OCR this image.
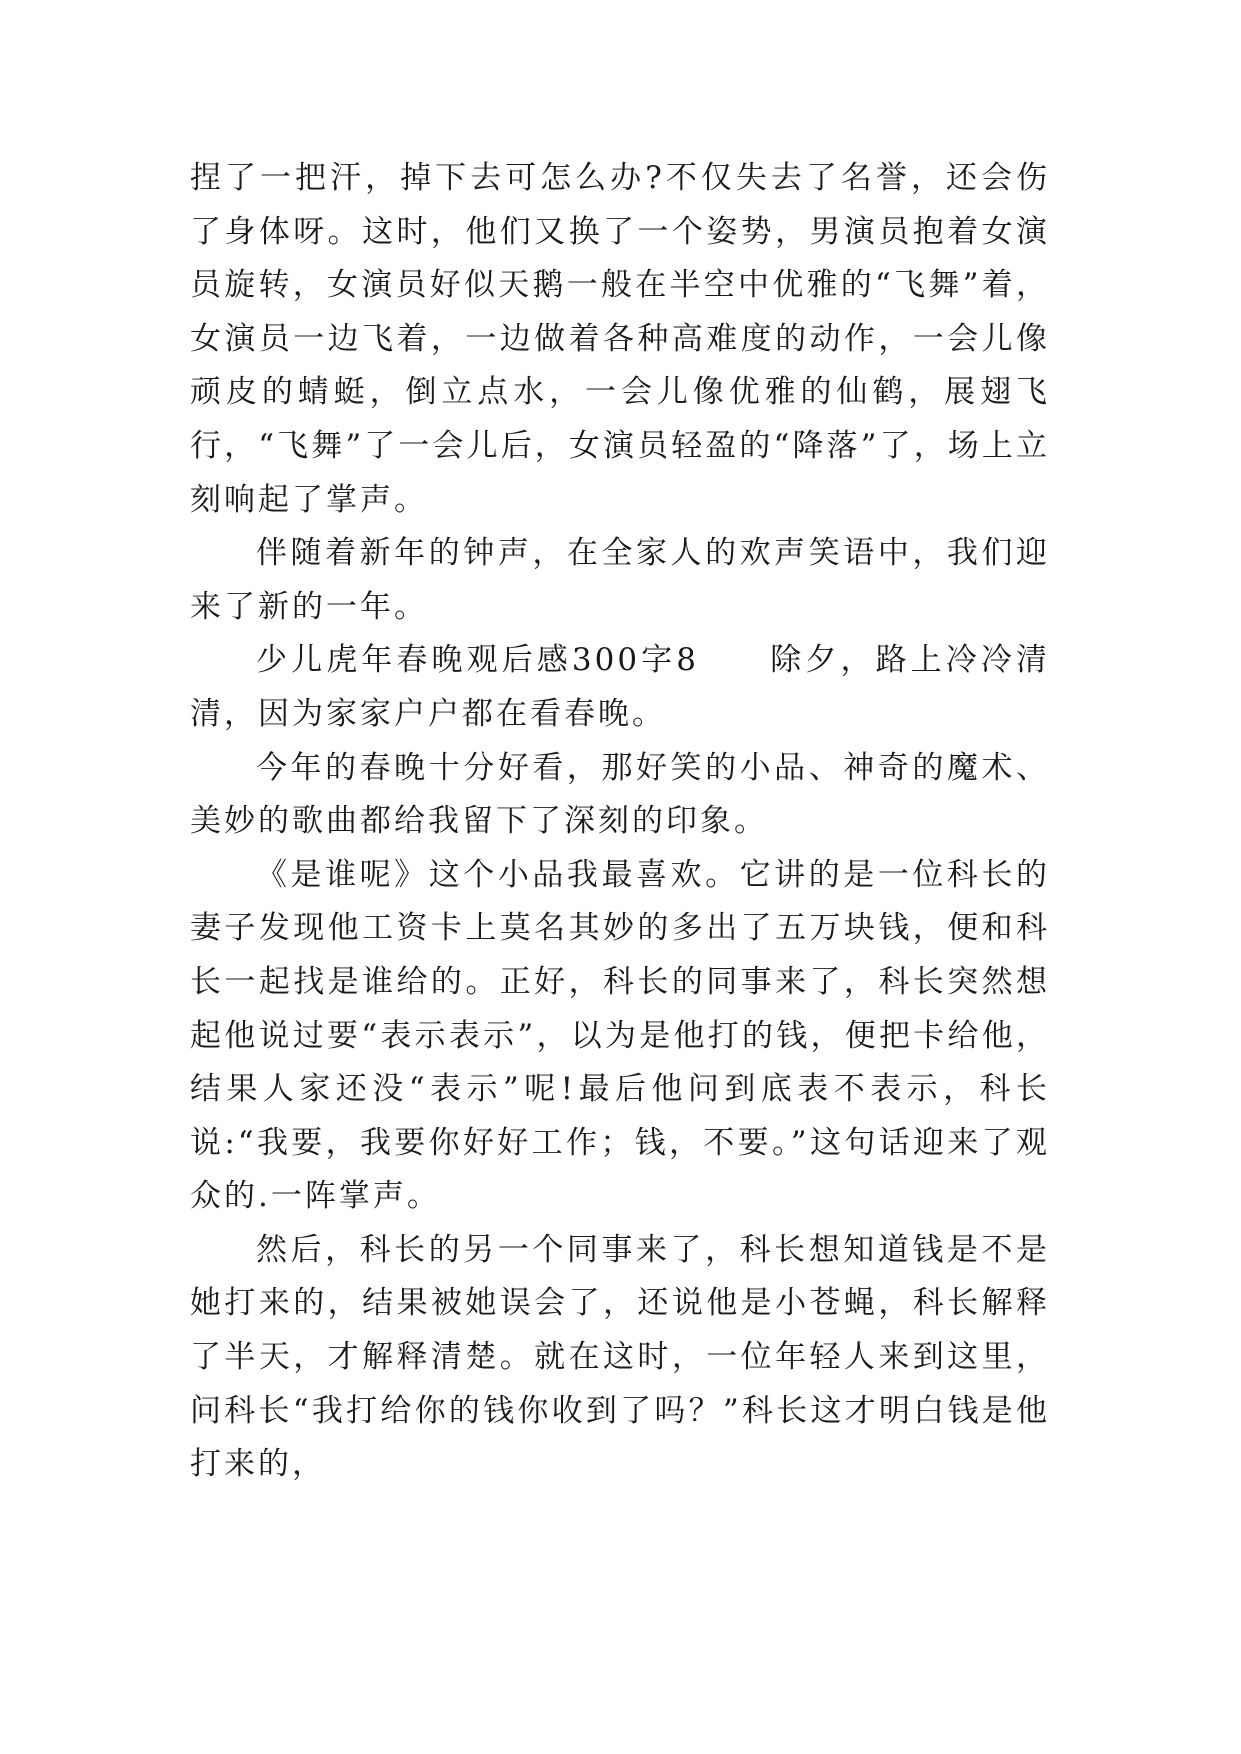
捏了一把汗，掉下去可怎么办?不仅失去了名誉，还会伤了身体呀。这时，他们又换了一个姿势，男演员抱着女演员旋转，女演员好似天鹅一般在半空中优雅的“飞舞”着，女演员一边飞着，一边做着各种高难度的动作，一会儿像顽皮的蜻蜓，倒立点水，一会儿像优雅的仙鹤，展翅飞行，“飞舞”了一会儿后，女演员轻盈的“降落”了，场上立刻响起了掌声。

伴随着新年的钟声，在全家人的欢声笑语中，我们迎来了新的一年。

少儿虎年春晚观后感300字8　　除夕，路上冷冷清清，因为家家户户都在看春晚。

今年的春晚十分好看，那好笑的小品、神奇的魔术、美妙的歌曲都给我留下了深刻的印象。

《是谁呢》这个小品我最喜欢。它讲的是一位科长的妻子发现他工资卡上莫名其妙的多出了五万块钱，便和科长一起找是谁给的。正好，科长的同事来了，科长突然想起他说过要“表示表示”，以为是他打的钱，便把卡给他，结果人家还没“表示”呢!最后他问到底表不表示，科长说:“我要，我要你好好工作；钱，不要。”这句话迎来了观众的.一阵掌声。

然后，科长的另一个同事来了，科长想知道钱是不是她打来的，结果被她误会了，还说他是小苍蝇，科长解释了半天，才解释清楚。就在这时，一位年轻人来到这里，问科长“我打给你的钱你收到了吗？”科长这才明白钱是他打来的，
